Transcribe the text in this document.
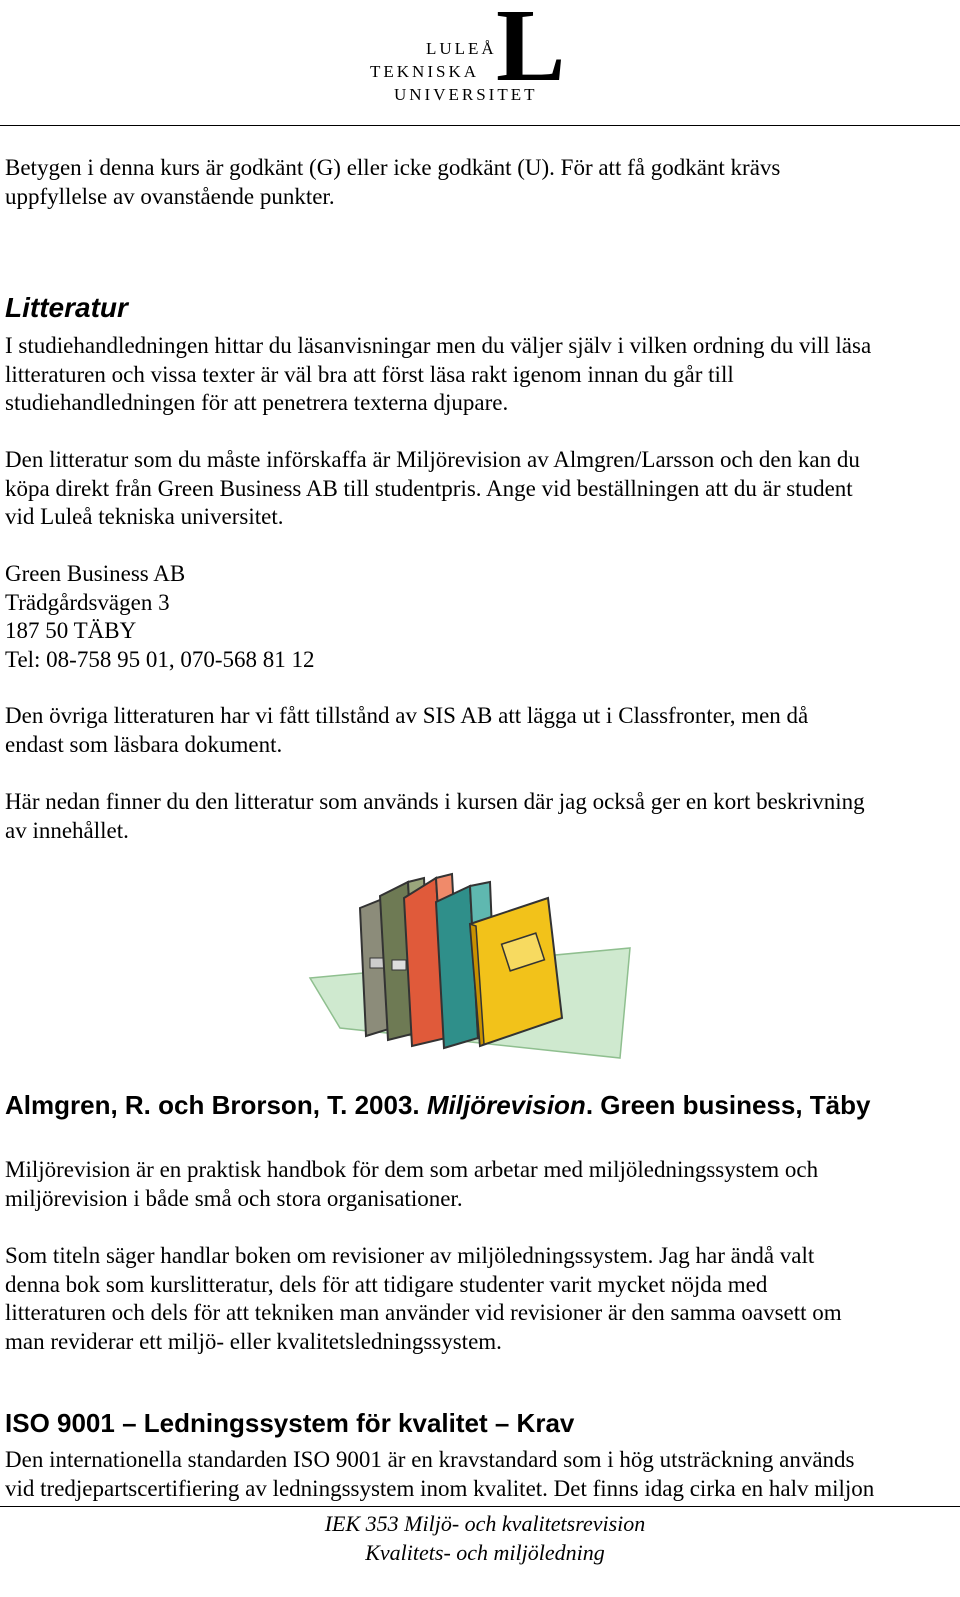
LULEÅ
TEKNISKA
UNIVERSITET
L
Betygen i denna kurs är godkänt (G) eller icke godkänt (U). För att få godkänt krävs
uppfyllelse av ovanstående punkter.
Litteratur
I studiehandledningen hittar du läsanvisningar men du väljer själv i vilken ordning du vill läsa
litteraturen och vissa texter är väl bra att först läsa rakt igenom innan du går till
studiehandledningen för att penetrera texterna djupare.
Den litteratur som du måste införskaffa är Miljörevision av Almgren/Larsson och den kan du
köpa direkt från Green Business AB till studentpris. Ange vid beställningen att du är student
vid Luleå tekniska universitet.
Green Business AB
Trädgårdsvägen 3
187 50 TÄBY
Tel: 08-758 95 01, 070-568 81 12
Den övriga litteraturen har vi fått tillstånd av SIS AB att lägga ut i Classfronter, men då
endast som läsbara dokument.
Här nedan finner du den litteratur som används i kursen där jag också ger en kort beskrivning
av innehållet.
Almgren, R. och Brorson, T. 2003. Miljörevision. Green business, Täby
Miljörevision är en praktisk handbok för dem som arbetar med miljöledningssystem och
miljörevision i både små och stora organisationer.
Som titeln säger handlar boken om revisioner av miljöledningssystem. Jag har ändå valt
denna bok som kurslitteratur, dels för att tidigare studenter varit mycket nöjda med
litteraturen och dels för att tekniken man använder vid revisioner är den samma oavsett om
man reviderar ett miljö- eller kvalitetsledningssystem.
ISO 9001 – Ledningssystem för kvalitet – Krav
Den internationella standarden ISO 9001 är en kravstandard som i hög utsträckning används
vid tredjepartscertifiering av ledningssystem inom kvalitet. Det finns idag cirka en halv miljon
IEK 353 Miljö- och kvalitetsrevision
Kvalitets- och miljöledning
